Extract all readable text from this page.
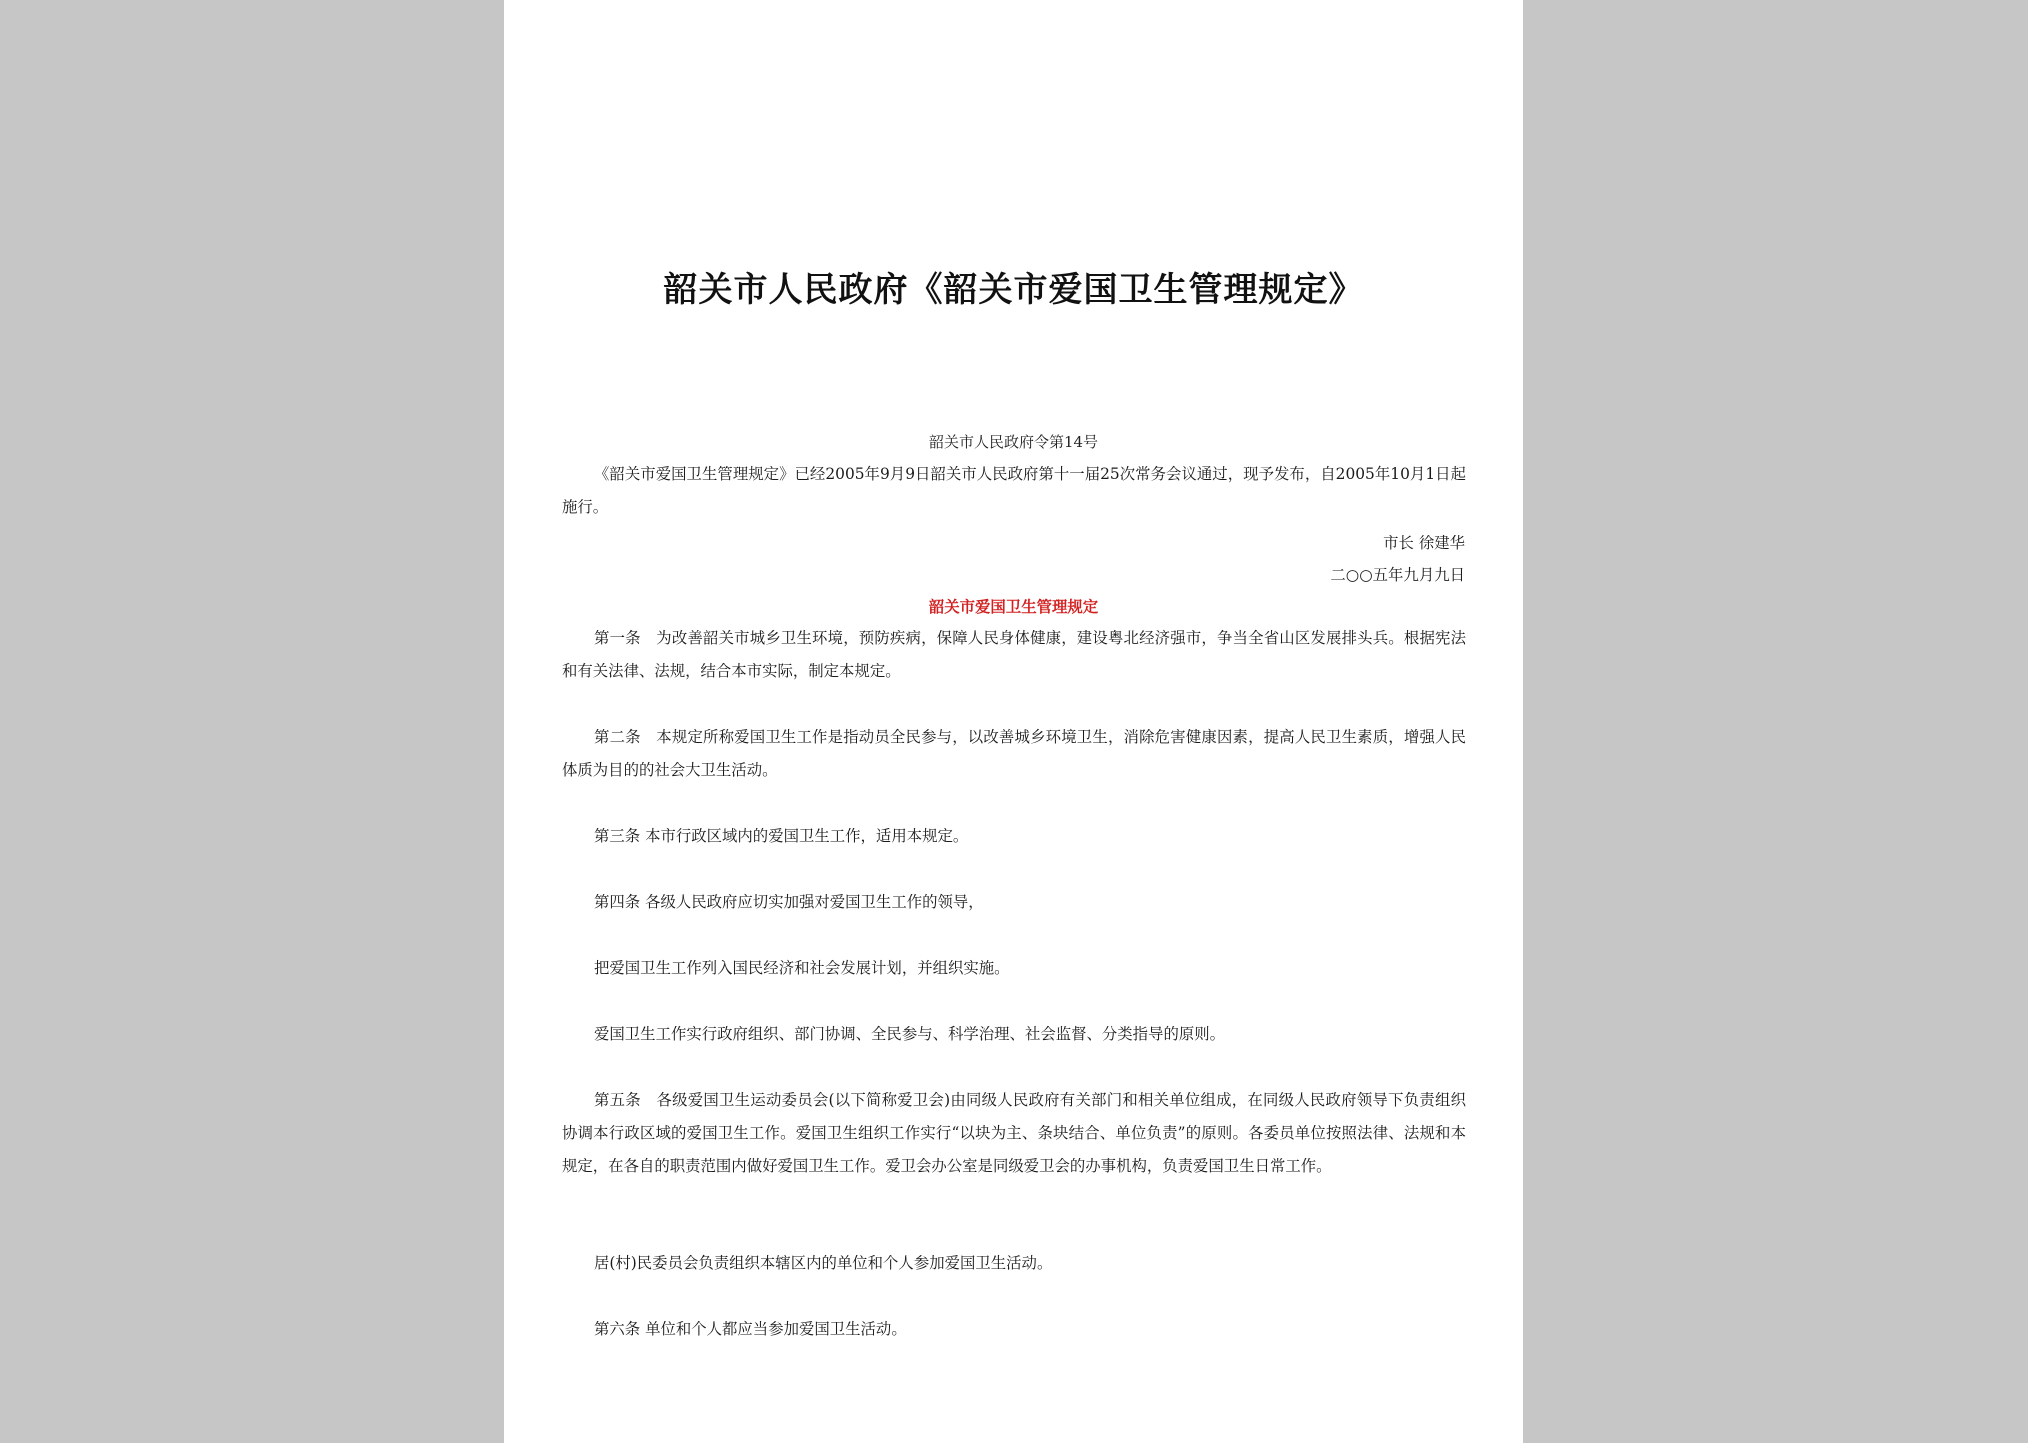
韶关市人民政府《韶关市爱国卫生管理规定》
韶关市人民政府令第14号

《韶关市爱国卫生管理规定》已经2005年9月9日韶关市人民政府第十一届25次常务会议通过，现予发布，自2005年10月1日起施行。

市长 徐建华
二○○五年九月九日
韶关市爱国卫生管理规定

第一条　为改善韶关市城乡卫生环境，预防疾病，保障人民身体健康，建设粤北经济强市，争当全省山区发展排头兵。根据宪法和有关法律、法规，结合本市实际，制定本规定。

第二条　本规定所称爱国卫生工作是指动员全民参与，以改善城乡环境卫生，消除危害健康因素，提高人民卫生素质，增强人民体质为目的的社会大卫生活动。

第三条 本市行政区域内的爱国卫生工作，适用本规定。

第四条 各级人民政府应切实加强对爱国卫生工作的领导，

把爱国卫生工作列入国民经济和社会发展计划，并组织实施。

爱国卫生工作实行政府组织、部门协调、全民参与、科学治理、社会监督、分类指导的原则。

第五条　各级爱国卫生运动委员会(以下简称爱卫会)由同级人民政府有关部门和相关单位组成，在同级人民政府领导下负责组织协调本行政区域的爱国卫生工作。爱国卫生组织工作实行“以块为主、条块结合、单位负责”的原则。各委员单位按照法律、法规和本规定，在各自的职责范围内做好爱国卫生工作。爱卫会办公室是同级爱卫会的办事机构，负责爱国卫生日常工作。

居(村)民委员会负责组织本辖区内的单位和个人参加爱国卫生活动。

第六条 单位和个人都应当参加爱国卫生活动。
